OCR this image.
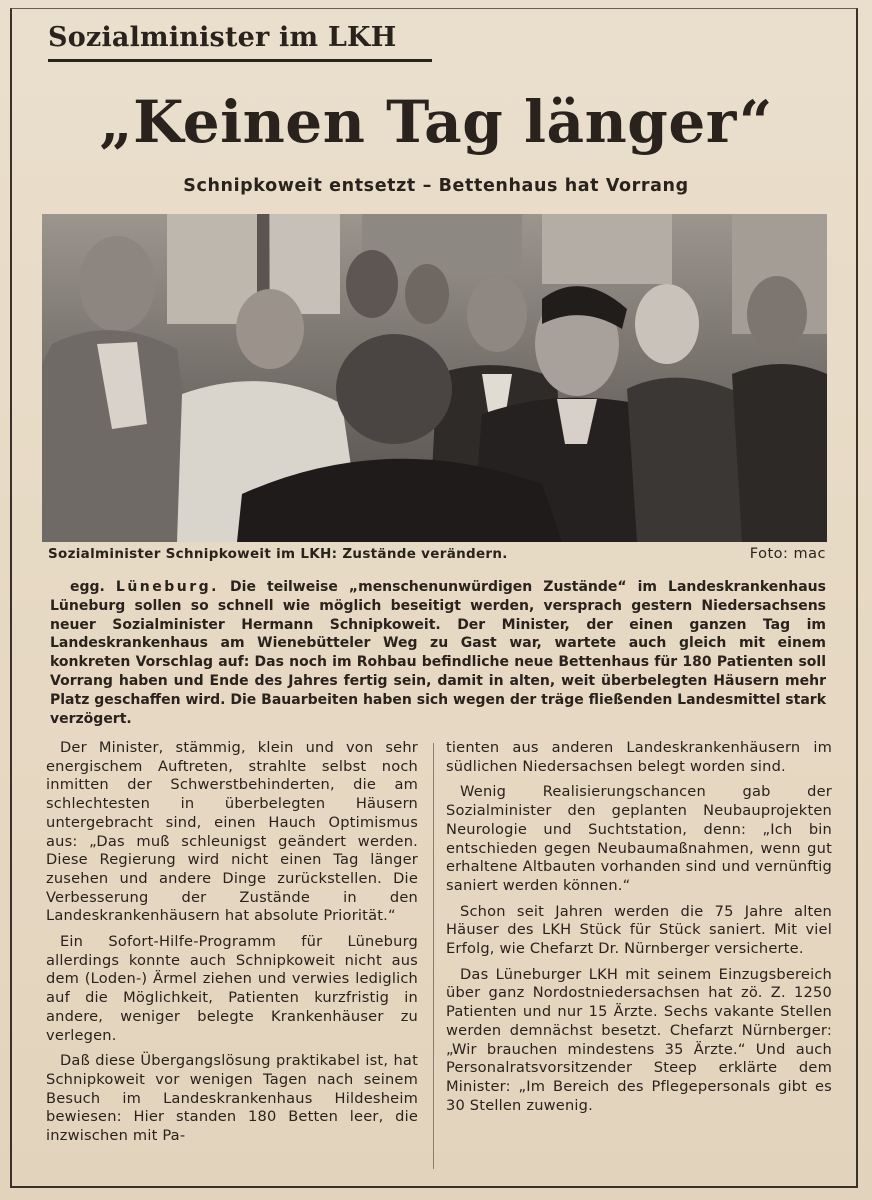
Sozialminister im LKH
„Keinen Tag länger“
Schnipkoweit entsetzt – Bettenhaus hat Vorrang
Sozialminister Schnipkoweit im LKH: Zustände verändern.	Foto: mac
egg. Lüneburg. Die teilweise „menschenunwürdigen Zustände“ im Landeskrankenhaus Lüneburg sollen so schnell wie möglich beseitigt werden, versprach gestern Niedersachsens neuer Sozialminister Hermann Schnipkoweit. Der Minister, der einen ganzen Tag im Landeskrankenhaus am Wienebütteler Weg zu Gast war, wartete auch gleich mit einem konkreten Vorschlag auf: Das noch im Rohbau befindliche neue Bettenhaus für 180 Patienten soll Vorrang haben und Ende des Jahres fertig sein, damit in alten, weit überbelegten Häusern mehr Platz geschaffen wird. Die Bauarbeiten haben sich wegen der träge fließenden Landesmittel stark verzögert.

Der Minister, stämmig, klein und von sehr energischem Auftreten, strahlte selbst noch inmitten der Schwerstbehinderten, die am schlechtesten in überbelegten Häusern untergebracht sind, einen Hauch Optimismus aus: „Das muß schleunigst geändert werden. Diese Regierung wird nicht einen Tag länger zusehen und andere Dinge zurückstellen. Die Verbesserung der Zustände in den Landeskrankenhäusern hat absolute Priorität.“

Ein Sofort-Hilfe-Programm für Lüneburg allerdings konnte auch Schnipkoweit nicht aus dem (Loden-) Ärmel ziehen und verwies lediglich auf die Möglichkeit, Patienten kurzfristig in andere, weniger belegte Krankenhäuser zu verlegen.

Daß diese Übergangslösung praktikabel ist, hat Schnipkoweit vor wenigen Tagen nach seinem Besuch im Landeskrankenhaus Hildesheim bewiesen: Hier standen 180 Betten leer, die inzwischen mit Pa-

tienten aus anderen Landeskrankenhäusern im südlichen Niedersachsen belegt worden sind.

Wenig Realisierungschancen gab der Sozialminister den geplanten Neubauprojekten Neurologie und Suchtstation, denn: „Ich bin entschieden gegen Neubaumaßnahmen, wenn gut erhaltene Altbauten vorhanden sind und vernünftig saniert werden können.“

Schon seit Jahren werden die 75 Jahre alten Häuser des LKH Stück für Stück saniert. Mit viel Erfolg, wie Chefarzt Dr. Nürnberger versicherte.

Das Lüneburger LKH mit seinem Einzugsbereich über ganz Nordostniedersachsen hat zö. Z. 1250 Patienten und nur 15 Ärzte. Sechs vakante Stellen werden demnächst besetzt. Chefarzt Nürnberger: „Wir brauchen mindestens 35 Ärzte.“ Und auch Personalratsvorsitzender Steep erklärte dem Minister: „Im Bereich des Pflegepersonals gibt es 30 Stellen zuwenig.
